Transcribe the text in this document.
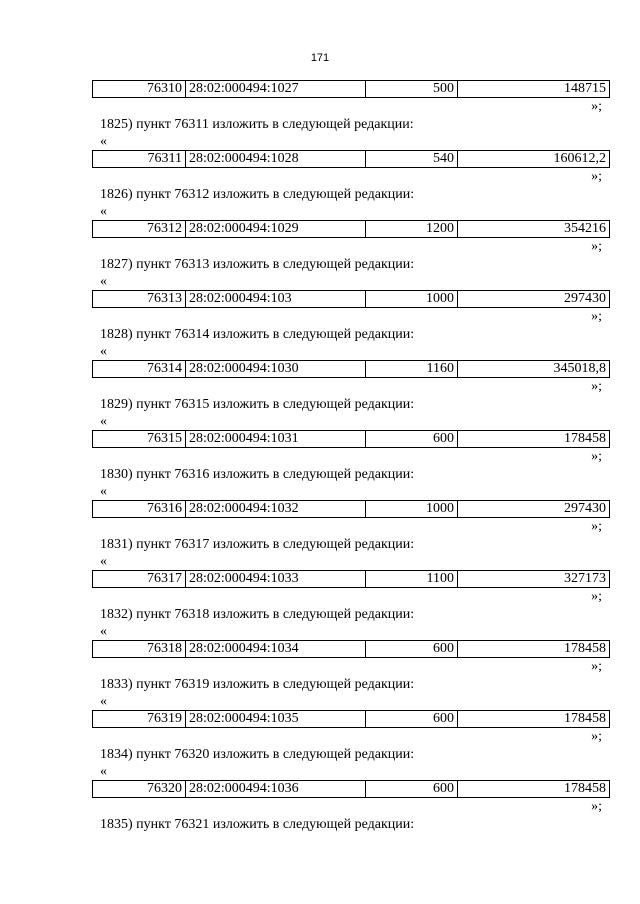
171
76310	28:02:000494:1027	500	148715
»;
1825) пункт 76311 изложить в следующей редакции:
«
76311	28:02:000494:1028	540	160612,2
»;
1826) пункт 76312 изложить в следующей редакции:
«
76312	28:02:000494:1029	1200	354216
»;
1827) пункт 76313 изложить в следующей редакции:
«
76313	28:02:000494:103	1000	297430
»;
1828) пункт 76314 изложить в следующей редакции:
«
76314	28:02:000494:1030	1160	345018,8
»;
1829) пункт 76315 изложить в следующей редакции:
«
76315	28:02:000494:1031	600	178458
»;
1830) пункт 76316 изложить в следующей редакции:
«
76316	28:02:000494:1032	1000	297430
»;
1831) пункт 76317 изложить в следующей редакции:
«
76317	28:02:000494:1033	1100	327173
»;
1832) пункт 76318 изложить в следующей редакции:
«
76318	28:02:000494:1034	600	178458
»;
1833) пункт 76319 изложить в следующей редакции:
«
76319	28:02:000494:1035	600	178458
»;
1834) пункт 76320 изложить в следующей редакции:
«
76320	28:02:000494:1036	600	178458
»;
1835) пункт 76321 изложить в следующей редакции:
